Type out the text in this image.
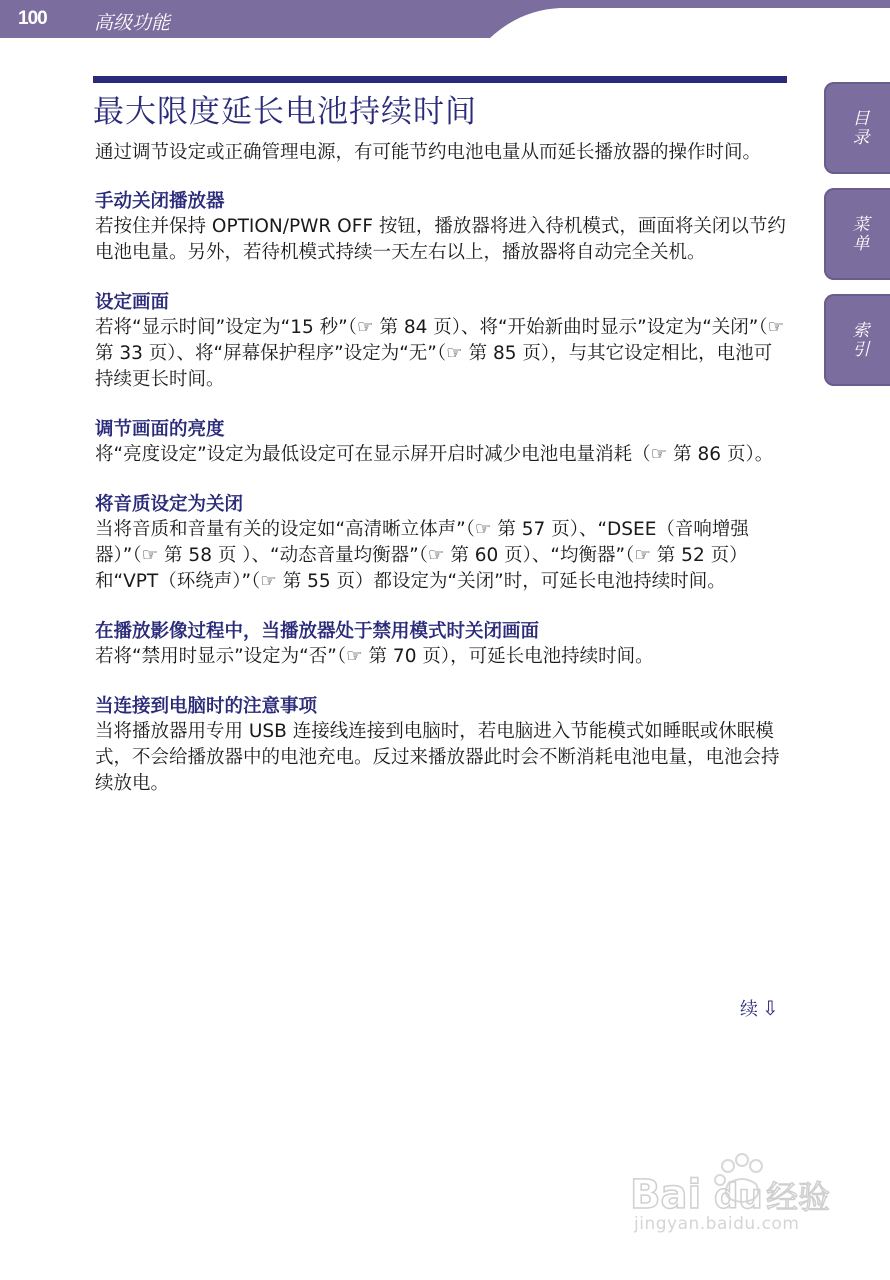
100 高级功能
目录
菜单
索引
最大限度延长电池持续时间

通过调节设定或正确管理电源，有可能节约电池电量从而延长播放器的操作时间。

手动关闭播放器

若按住并保持 OPTION/PWR OFF 按钮，播放器将进入待机模式，画面将关闭以节约电池电量。另外，若待机模式持续一天左右以上，播放器将自动完全关机。

设定画面

若将“显示时间”设定为“15 秒”（☞ 第 84 页）、将“开始新曲时显示”设定为“关闭”（☞ 第 33 页）、将“屏幕保护程序”设定为“无”（☞ 第 85 页），与其它设定相比，电池可持续更长时间。

调节画面的亮度

将“亮度设定”设定为最低设定可在显示屏开启时减少电池电量消耗（☞ 第 86 页）。

将音质设定为关闭

当将音质和音量有关的设定如“高清晰立体声”（☞ 第 57 页）、“DSEE（音响增强器）”（☞ 第 58 页 ）、“动态音量均衡器”（☞ 第 60 页）、“均衡器”（☞ 第 52 页）和“VPT（环绕声）”（☞ 第 55 页）都设定为“关闭”时，可延长电池持续时间。

在播放影像过程中，当播放器处于禁用模式时关闭画面

若将“禁用时显示”设定为“否”（☞ 第 70 页），可延长电池持续时间。

当连接到电脑时的注意事项

当将播放器用专用 USB 连接线连接到电脑时，若电脑进入节能模式如睡眠或休眠模式，不会给播放器中的电池充电。反过来播放器此时会不断消耗电池电量，电池会持续放电。

续 ⇩
Bai du 经验
jingyan.baidu.com
